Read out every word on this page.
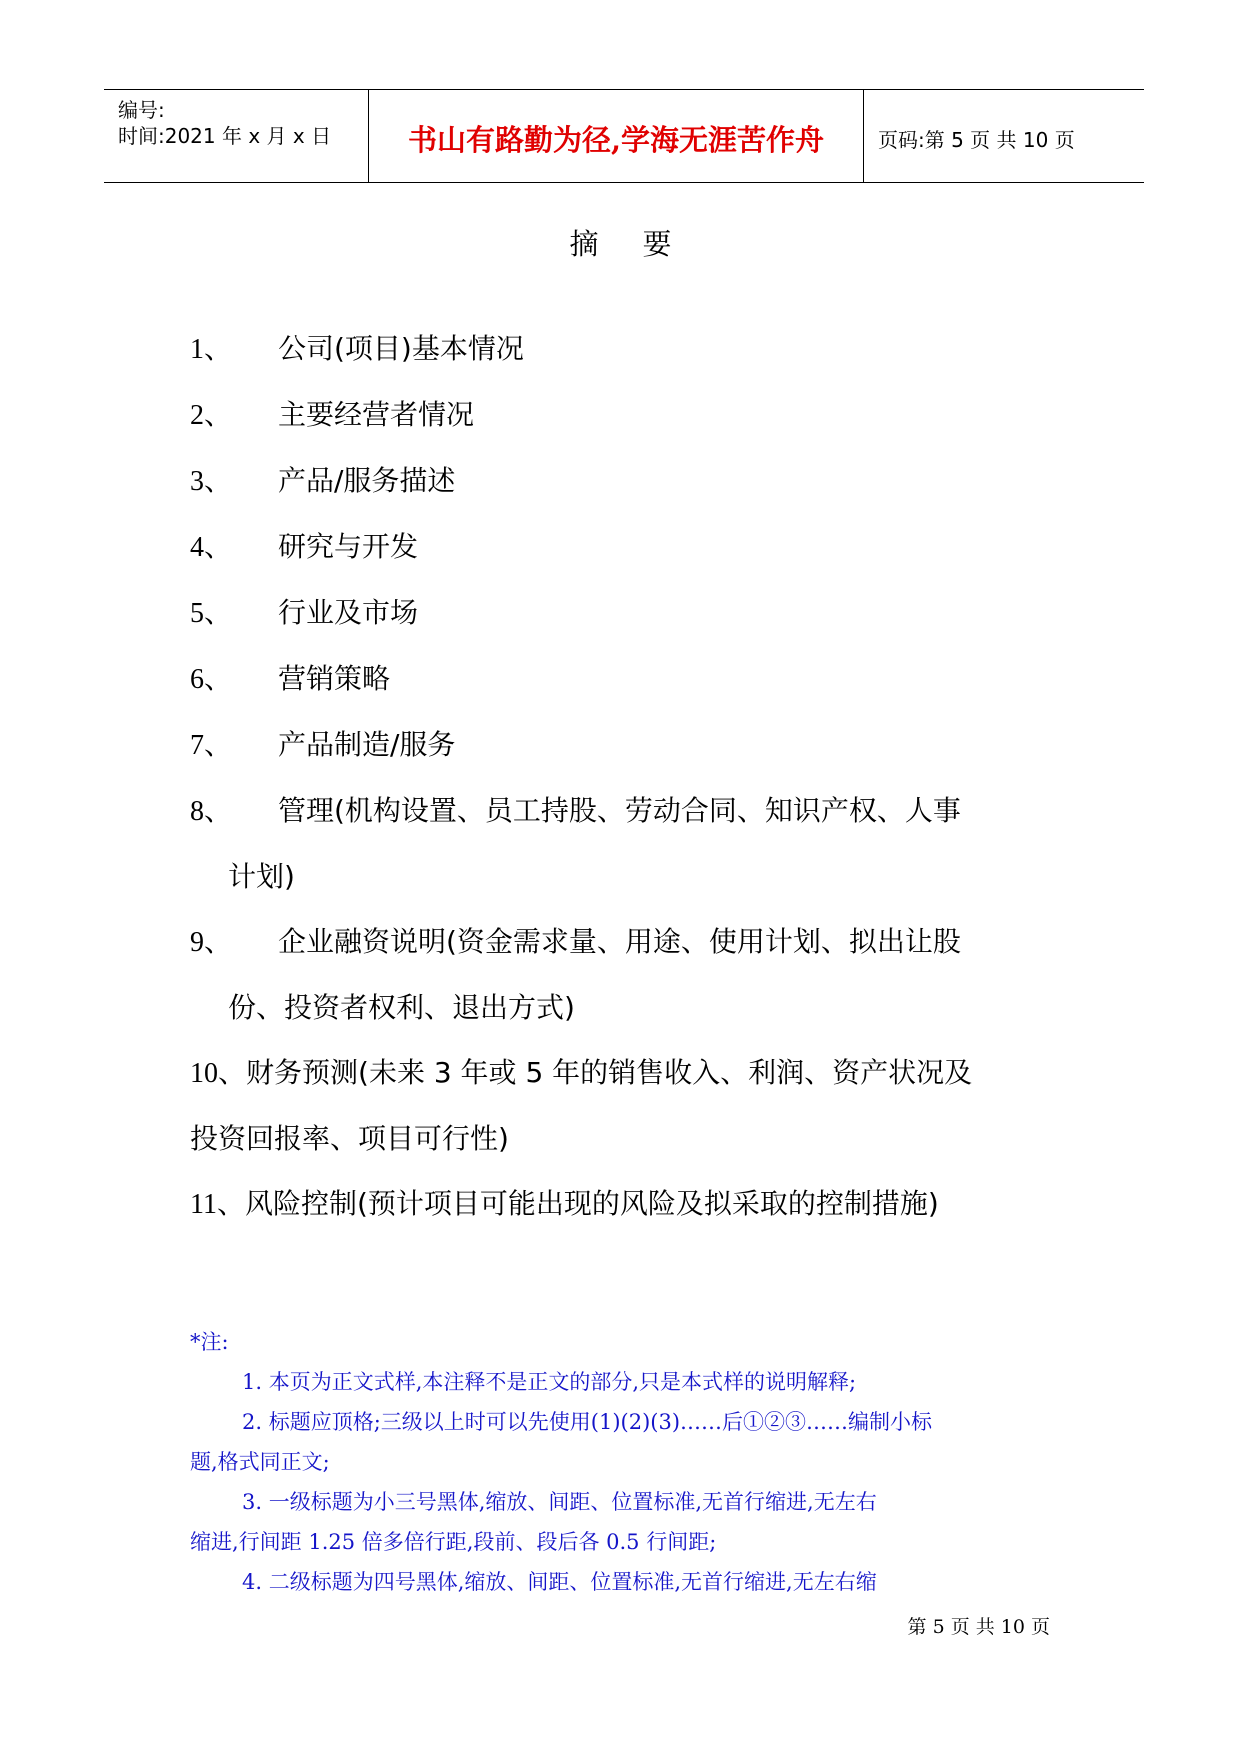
编号:
时间:2021 年 x 月 x 日	书山有路勤为径,学海无涯苦作舟	页码:第 5 页 共 10 页
摘要
1、 公司(项目)基本情况
2、 主要经营者情况
3、 产品/服务描述
4、 研究与开发
5、 行业及市场
6、 营销策略
7、 产品制造/服务
8、 管理(机构设置、员工持股、劳动合同、知识产权、人事
计划)
9、 企业融资说明(资金需求量、用途、使用计划、拟出让股
份、投资者权利、退出方式)
10、财务预测(未来 3 年或 5 年的销售收入、利润、资产状况及
投资回报率、项目可行性)
11、风险控制(预计项目可能出现的风险及拟采取的控制措施)

*注:

1. 本页为正文式样,本注释不是正文的部分,只是本式样的说明解释;

2. 标题应顶格;三级以上时可以先使用(1)(2)(3)……后①②③……编制小标

题,格式同正文;

3. 一级标题为小三号黑体,缩放、间距、位置标准,无首行缩进,无左右

缩进,行间距 1.25 倍多倍行距,段前、段后各 0.5 行间距;

4. 二级标题为四号黑体,缩放、间距、位置标准,无首行缩进,无左右缩

第 5 页 共 10 页
